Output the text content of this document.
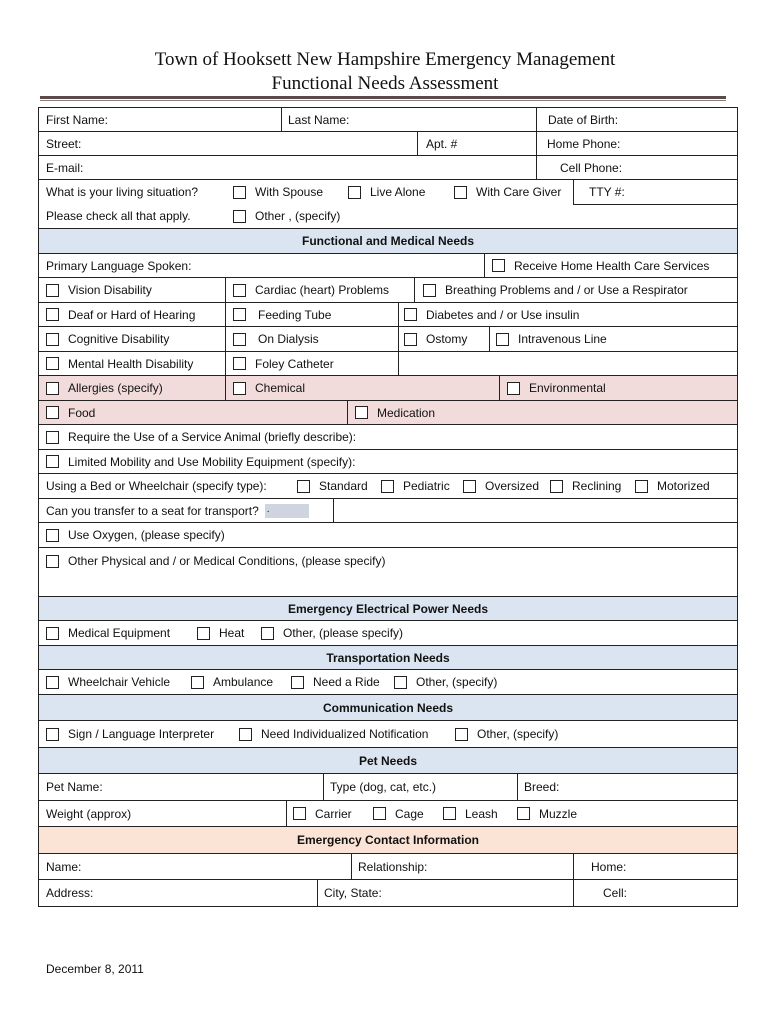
Town of Hooksett New Hampshire Emergency Management
Functional Needs Assessment
First Name:	Last Name:	Date of Birth:
Street:	Apt. #	Home Phone:
E-mail:	Cell Phone:
What is your living situation?	With Spouse	Live Alone	With Care Giver TTY #:
Please check all that apply.	Other , (specify)
Functional and Medical Needs
Primary Language Spoken:	Receive Home Health Care Services
Vision Disability	Cardiac (heart) Problems	Breathing Problems and / or Use a Respirator
Deaf or Hard of Hearing	Feeding Tube	Diabetes and / or Use insulin
Cognitive Disability	On Dialysis	Ostomy	Intravenous Line
Mental Health Disability	Foley Catheter
Allergies (specify)	Chemical	Environmental
Food	Medication
Require the Use of a Service Animal (briefly describe):
Limited Mobility and Use Mobility Equipment (specify):
Using a Bed or Wheelchair (specify type):	Standard	Pediatric	Oversized	Reclining	Motorized
Can you transfer to a seat for transport? .
Use Oxygen, (please specify)
Other Physical and / or Medical Conditions, (please specify)
Emergency Electrical Power Needs
Medical Equipment	Heat	Other, (please specify)
Transportation Needs
Wheelchair Vehicle	Ambulance	Need a Ride	Other, (specify)
Communication Needs
Sign / Language Interpreter	Need Individualized Notification	Other, (specify)
Pet Needs
Pet Name:	Type (dog, cat, etc.)	Breed:
Weight (approx)	Carrier	Cage	Leash	Muzzle
Emergency Contact Information
Name:	Relationship:	Home:
Address:	City, State:	Cell:
December 8, 2011
